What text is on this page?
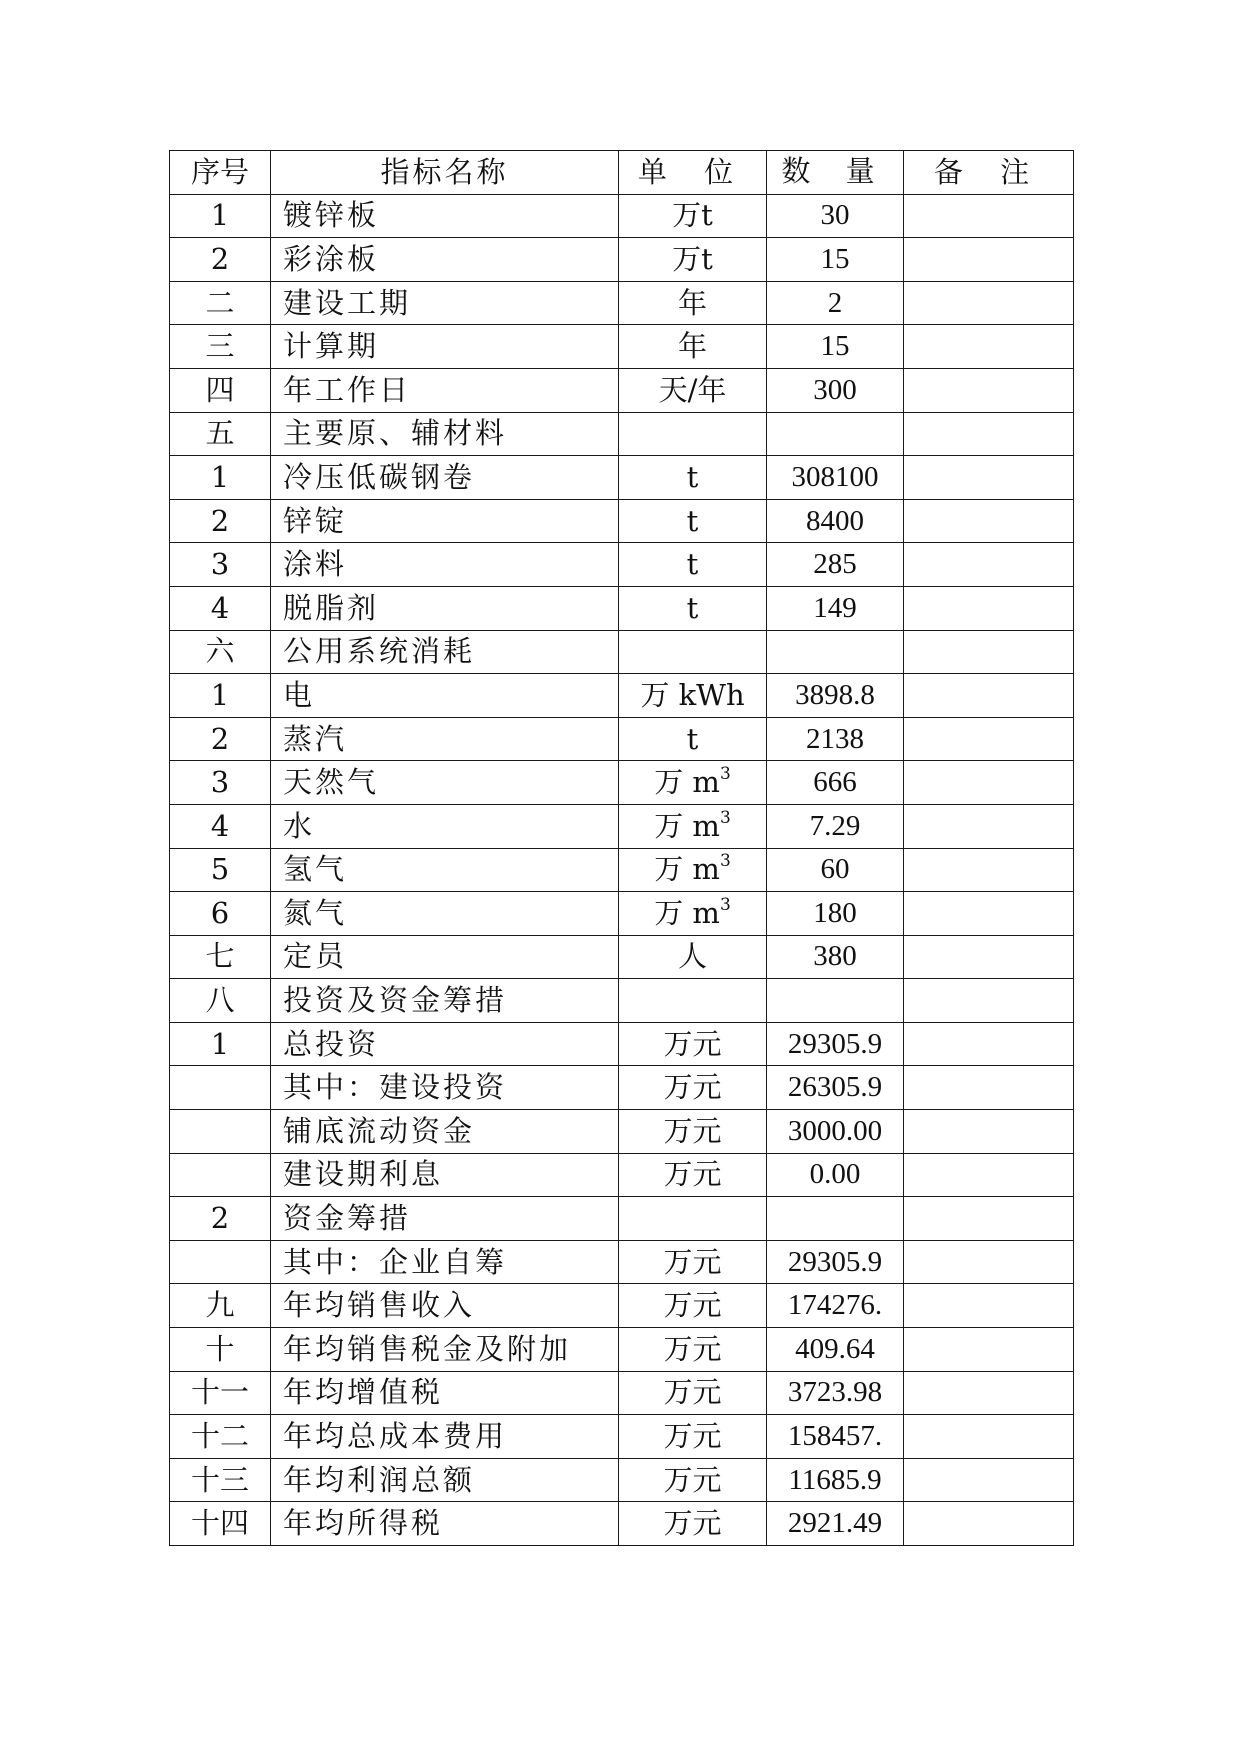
序号	指标名称	单 位	数 量	备 注
1	镀锌板	万t	30	
2	彩涂板	万t	15	
二	建设工期	年	2	
三	计算期	年	15	
四	年工作日	天/年	300	
五	主要原、辅材料			
1	冷压低碳钢卷	t	308100	
2	锌锭	t	8400	
3	涂料	t	285	
4	脱脂剂	t	149	
六	公用系统消耗			
1	电	万 kWh	3898.8	
2	蒸汽	t	2138	
3	天然气	万 $m^3$	666	
4	水	万 $m^3$	7.29	
5	氢气	万 $m^3$	60	
6	氮气	万 $m^3$	180	
七	定员	人	380	
八	投资及资金筹措			
1	总投资	万元	29305.9	
	其中：建设投资	万元	26305.9	
	铺底流动资金	万元	3000.00	
	建设期利息	万元	0.00	
2	资金筹措			
	其中：企业自筹	万元	29305.9	
九	年均销售收入	万元	174276.	
十	年均销售税金及附加	万元	409.64	
十一	年均增值税	万元	3723.98	
十二	年均总成本费用	万元	158457.	
十三	年均利润总额	万元	11685.9	
十四	年均所得税	万元	2921.49	
